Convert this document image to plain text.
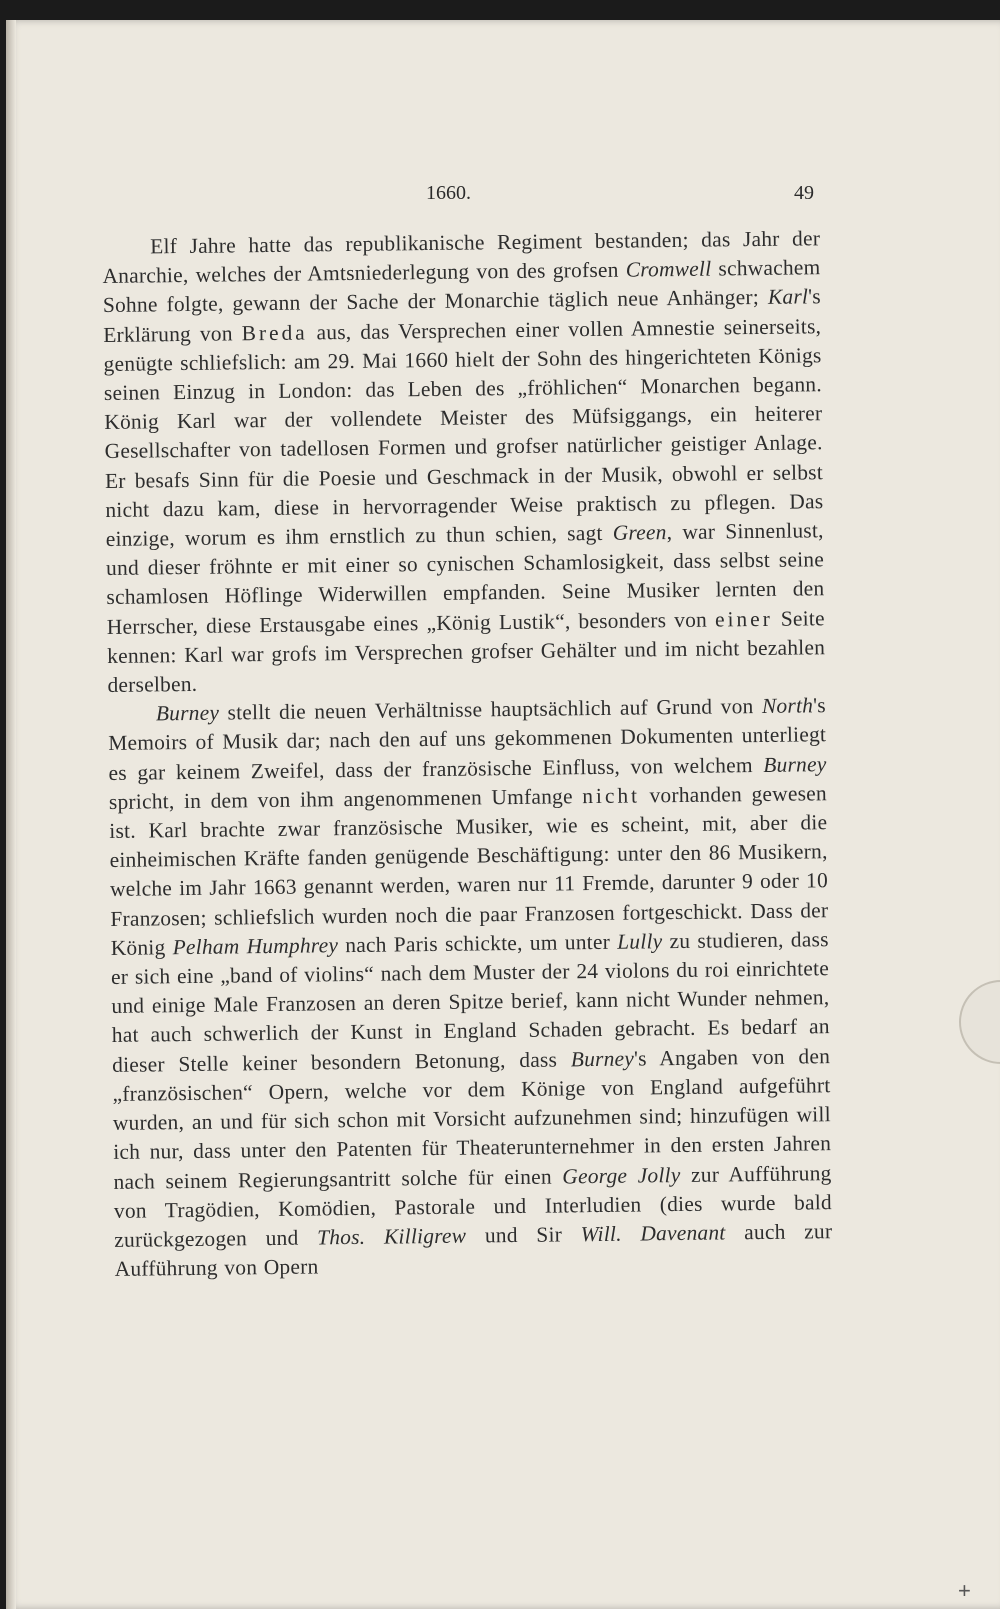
1660.	49

Elf Jahre hatte das republikanische Regiment bestanden; das Jahr der Anarchie, welches der Amtsniederlegung von des grofsen Cromwell schwachem Sohne folgte, gewann der Sache der Monarchie täglich neue Anhänger; Karl's Erklärung von Breda aus, das Versprechen einer vollen Amnestie seinerseits, genügte schliefslich: am 29. Mai 1660 hielt der Sohn des hingerichteten Königs seinen Einzug in London: das Leben des „fröhlichen“ Monarchen begann. König Karl war der vollendete Meister des Müfsiggangs, ein heiterer Gesellschafter von tadellosen Formen und grofser natürlicher geistiger Anlage. Er besafs Sinn für die Poesie und Geschmack in der Musik, obwohl er selbst nicht dazu kam, diese in hervorragender Weise praktisch zu pflegen. Das einzige, worum es ihm ernstlich zu thun schien, sagt Green, war Sinnenlust, und dieser fröhnte er mit einer so cynischen Schamlosigkeit, dass selbst seine schamlosen Höflinge Widerwillen empfanden. Seine Musiker lernten den Herrscher, diese Erstausgabe eines „König Lustik“, besonders von einer Seite kennen: Karl war grofs im Versprechen grofser Gehälter und im nicht bezahlen derselben.

Burney stellt die neuen Verhältnisse hauptsächlich auf Grund von North's Memoirs of Musik dar; nach den auf uns gekommenen Dokumenten unterliegt es gar keinem Zweifel, dass der französische Einfluss, von welchem Burney spricht, in dem von ihm angenommenen Umfange nicht vorhanden gewesen ist. Karl brachte zwar französische Musiker, wie es scheint, mit, aber die einheimischen Kräfte fanden genügende Beschäftigung: unter den 86 Musikern, welche im Jahr 1663 genannt werden, waren nur 11 Fremde, darunter 9 oder 10 Franzosen; schliefslich wurden noch die paar Franzosen fortgeschickt. Dass der König Pelham Humphrey nach Paris schickte, um unter Lully zu studieren, dass er sich eine „band of violins“ nach dem Muster der 24 violons du roi einrichtete und einige Male Franzosen an deren Spitze berief, kann nicht Wunder nehmen, hat auch schwerlich der Kunst in England Schaden gebracht. Es bedarf an dieser Stelle keiner besondern Betonung, dass Burney's Angaben von den „französischen“ Opern, welche vor dem Könige von England aufgeführt wurden, an und für sich schon mit Vorsicht aufzunehmen sind; hinzufügen will ich nur, dass unter den Patenten für Theaterunternehmer in den ersten Jahren nach seinem Regierungsantritt solche für einen George Jolly zur Aufführung von Tragödien, Komödien, Pastorale und Interludien (dies wurde bald zurückgezogen und Thos. Killigrew und Sir Will. Davenant auch zur Aufführung von Opern

+
